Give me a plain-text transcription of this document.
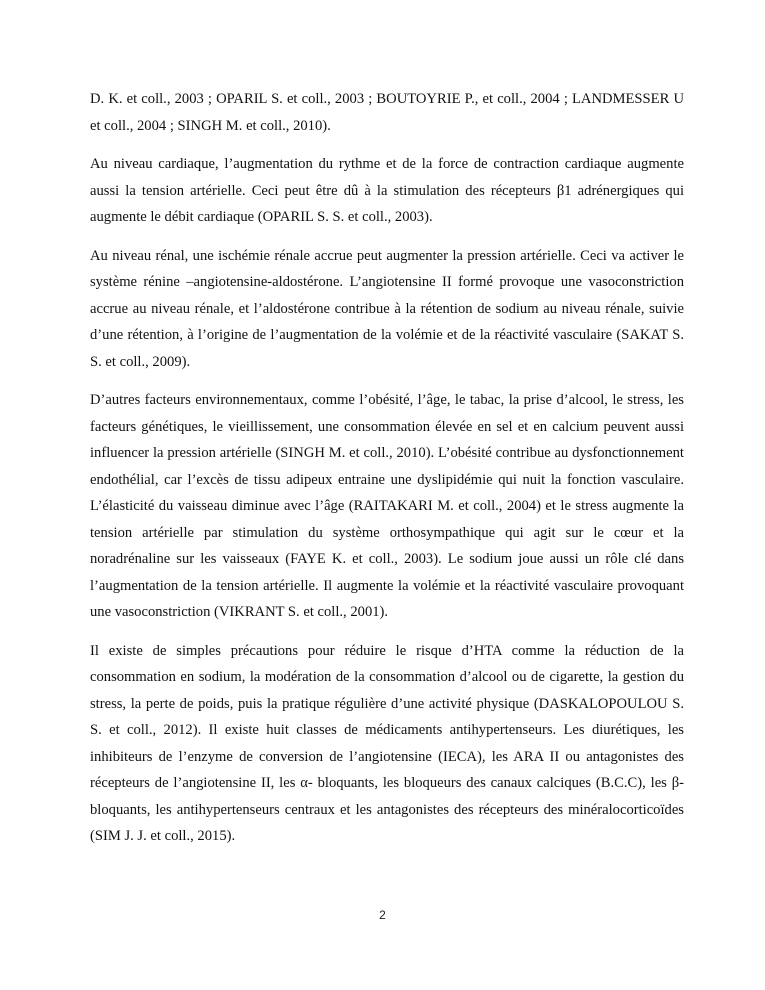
D. K. et coll., 2003 ; OPARIL S. et coll., 2003 ; BOUTOYRIE P., et coll., 2004 ; LANDMESSER U et coll., 2004 ; SINGH M. et coll., 2010).

Au niveau cardiaque, l’augmentation du rythme et de la force de contraction cardiaque augmente aussi la tension artérielle. Ceci peut être dû à la stimulation des récepteurs β1 adrénergiques qui augmente le débit cardiaque (OPARIL S. S. et coll., 2003).

Au niveau rénal, une ischémie rénale accrue peut augmenter la pression artérielle. Ceci va activer le système rénine –angiotensine-aldostérone. L’angiotensine II formé provoque une vasoconstriction accrue au niveau rénale, et l’aldostérone contribue à la rétention de sodium au niveau rénale, suivie d’une rétention, à l’origine de l’augmentation de la volémie et de la réactivité vasculaire (SAKAT S. S. et coll., 2009).

D’autres facteurs environnementaux, comme l’obésité, l’âge, le tabac, la prise d’alcool, le stress, les facteurs génétiques, le vieillissement, une consommation élevée en sel et en calcium peuvent aussi influencer la pression artérielle (SINGH M. et coll., 2010). L’obésité contribue au dysfonctionnement endothélial, car l’excès de tissu adipeux entraine une dyslipidémie qui nuit la fonction vasculaire. L’élasticité du vaisseau diminue avec l’âge (RAITAKARI M. et coll., 2004) et le stress augmente la tension artérielle par stimulation du système orthosympathique qui agit sur le cœur et la noradrénaline sur les vaisseaux (FAYE K. et coll., 2003). Le sodium joue aussi un rôle clé dans l’augmentation de la tension artérielle. Il augmente la volémie et la réactivité vasculaire provoquant une vasoconstriction (VIKRANT S. et coll., 2001).

Il existe de simples précautions pour réduire le risque d’HTA comme la réduction de la consommation en sodium, la modération de la consommation d’alcool ou de cigarette, la gestion du stress, la perte de poids, puis la pratique régulière d’une activité physique (DASKALOPOULOU S. S. et coll., 2012). Il existe huit classes de médicaments antihypertenseurs. Les diurétiques, les inhibiteurs de l’enzyme de conversion de l’angiotensine (IECA), les ARA II ou antagonistes des récepteurs de l’angiotensine II, les α- bloquants, les bloqueurs des canaux calciques (B.C.C), les β-bloquants, les antihypertenseurs centraux et les antagonistes des récepteurs des minéralocorticoïdes (SIM J. J. et coll., 2015).

2
